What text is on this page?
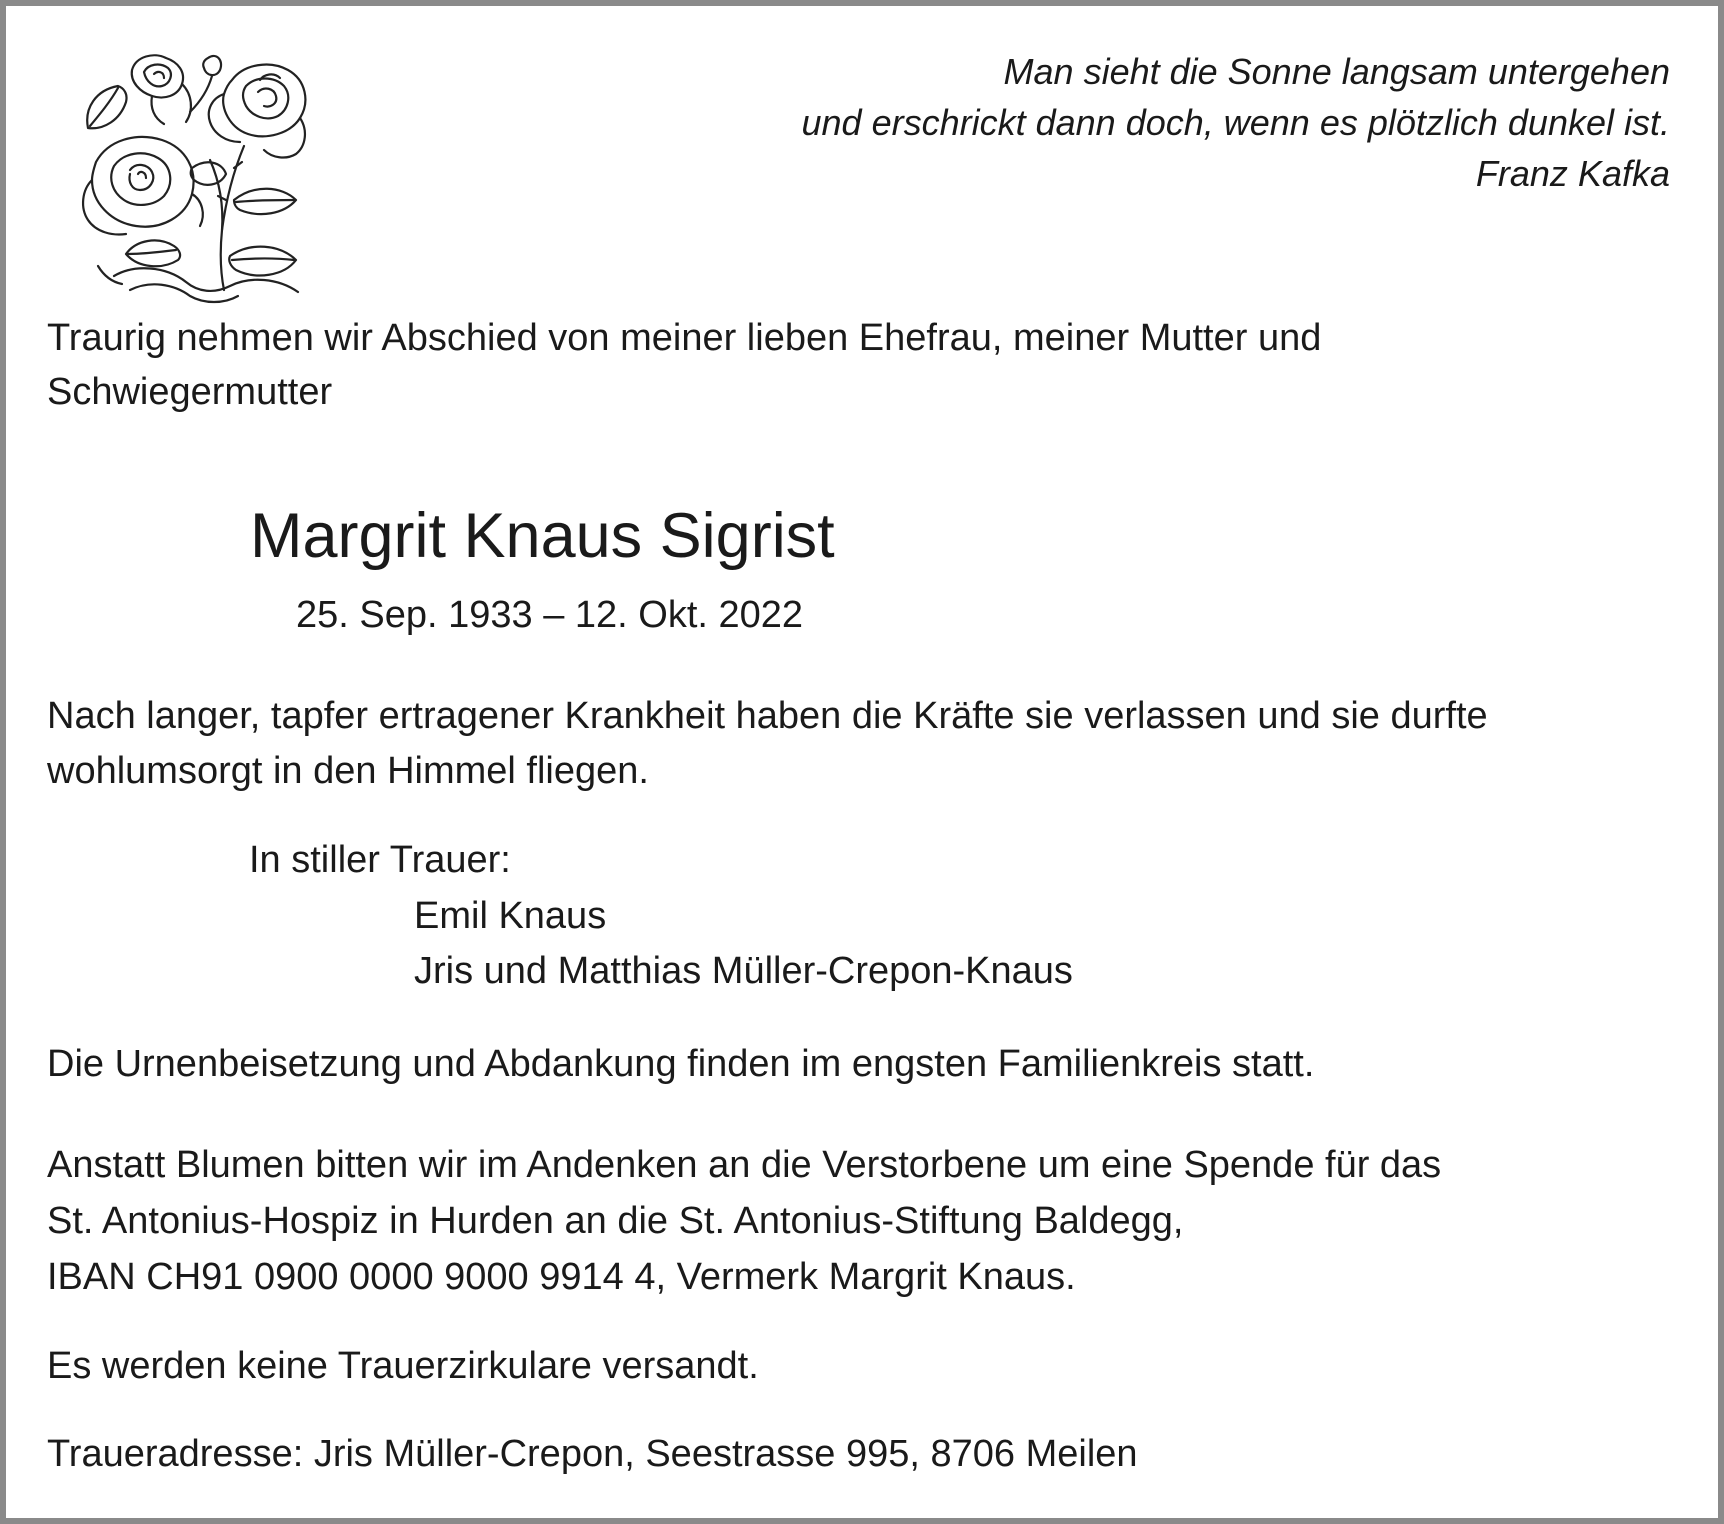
Man sieht die Sonne langsam untergehen
und erschrickt dann doch, wenn es plötzlich dunkel ist.
Franz Kafka

Traurig nehmen wir Abschied von meiner lieben Ehefrau, meiner Mutter und

Schwiegermutter

Margrit Knaus Sigrist

25. Sep. 1933 – 12. Okt. 2022

Nach langer, tapfer ertragener Krankheit haben die Kräfte sie verlassen und sie durfte

wohlumsorgt in den Himmel fliegen.

In stiller Trauer:

Emil Knaus

Jris und Matthias Müller-Crepon-Knaus

Die Urnenbeisetzung und Abdankung finden im engsten Familienkreis statt.

Anstatt Blumen bitten wir im Andenken an die Verstorbene um eine Spende für das

St. Antonius-Hospiz in Hurden an die St. Antonius-Stiftung Baldegg,

IBAN CH91 0900 0000 9000 9914 4, Vermerk Margrit Knaus.

Es werden keine Trauerzirkulare versandt.

Traueradresse: Jris Müller-Crepon, Seestrasse 995, 8706 Meilen
